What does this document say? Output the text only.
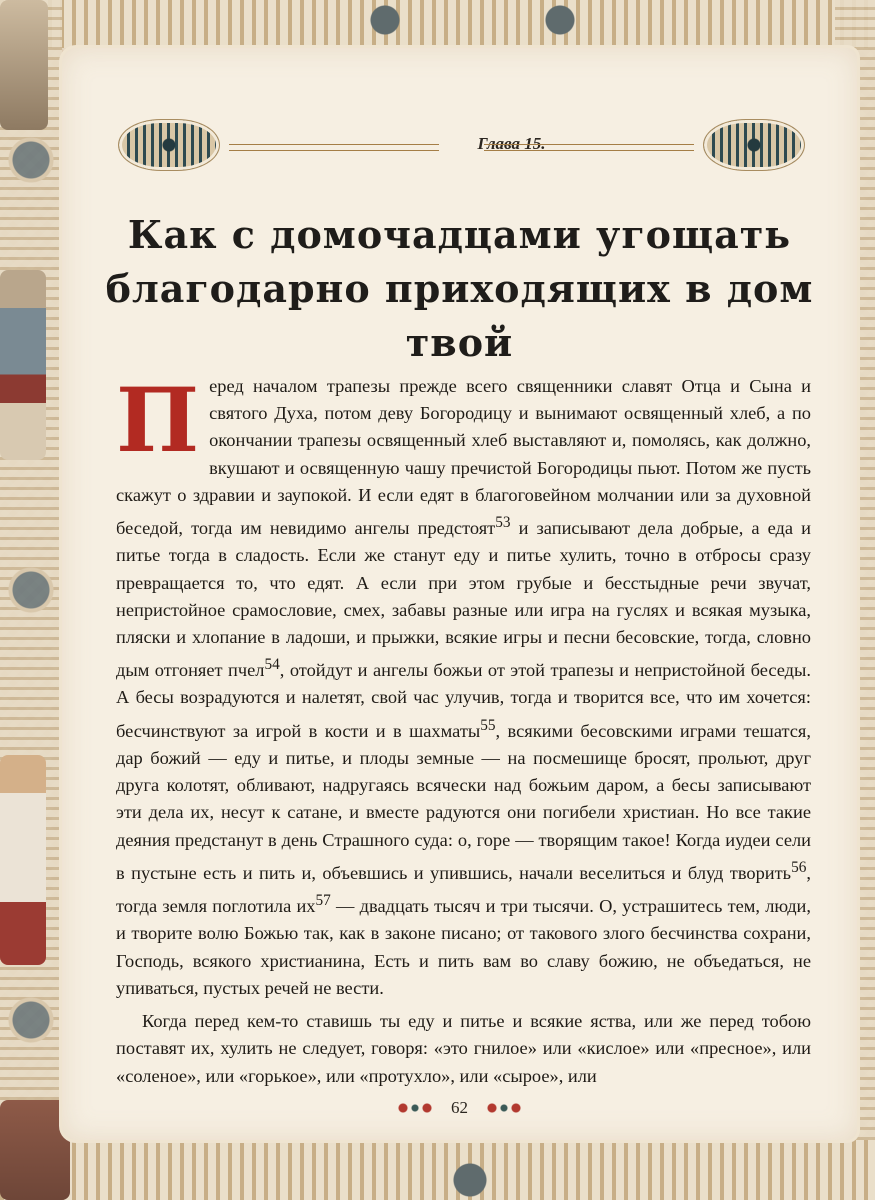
Глава 15.
Как с домочадцами угощать
благодарно приходящих в дом твой

Перед началом трапезы прежде всего священники славят Отца и Сына и святого Духа, потом деву Богородицу и вынимают освященный хлеб, а по окончании трапезы освященный хлеб выставляют и, помолясь, как должно, вкушают и освященную чашу пречистой Богородицы пьют. Потом же пусть скажут о здравии и заупокой. И если едят в благоговейном молчании или за духовной беседой, тогда им невидимо ангелы предстоят$^{53}$ и записывают дела добрые, а еда и питье тогда в сладость. Если же станут еду и питье хулить, точно в отбросы сразу превращается то, что едят. А если при этом грубые и бесстыдные речи звучат, непристойное срамословие, смех, забавы разные или игра на гуслях и всякая музыка, пляски и хлопание в ладоши, и прыжки, всякие игры и песни бесовские, тогда, словно дым отгоняет пчел$^{54}$, отойдут и ангелы божьи от этой трапезы и непристойной беседы. А бесы возрадуются и налетят, свой час улучив, тогда и творится все, что им хочется: бесчинствуют за игрой в кости и в шахматы$^{55}$, всякими бесовскими играми тешатся, дар божий — еду и питье, и плоды земные — на посмешище бросят, прольют, друг друга колотят, обливают, надругаясь всячески над божьим даром, а бесы записывают эти дела их, несут к сатане, и вместе радуются они погибели христиан. Но все такие деяния предстанут в день Страшного суда: о, горе — творящим такое! Когда иудеи сели в пустыне есть и пить и, объевшись и упившись, начали веселиться и блуд творить$^{56}$, тогда земля поглотила $их^{57}$ — двадцать тысяч и три тысячи. О, устрашитесь тем, люди, и творите волю Божью так, как в законе писано; от такового злого бесчинства сохрани, Господь, всякого христианина, Есть и пить вам во славу божию, не объедаться, не упиваться, пустых речей не вести.

Когда перед кем-то ставишь ты еду и питье и всякие яства, или же перед тобою поставят их, хулить не следует, говоря: «это гнилое» или «кислое» или «пресное», или «соленое», или «горькое», или «протухло», или «сырое», или

62
